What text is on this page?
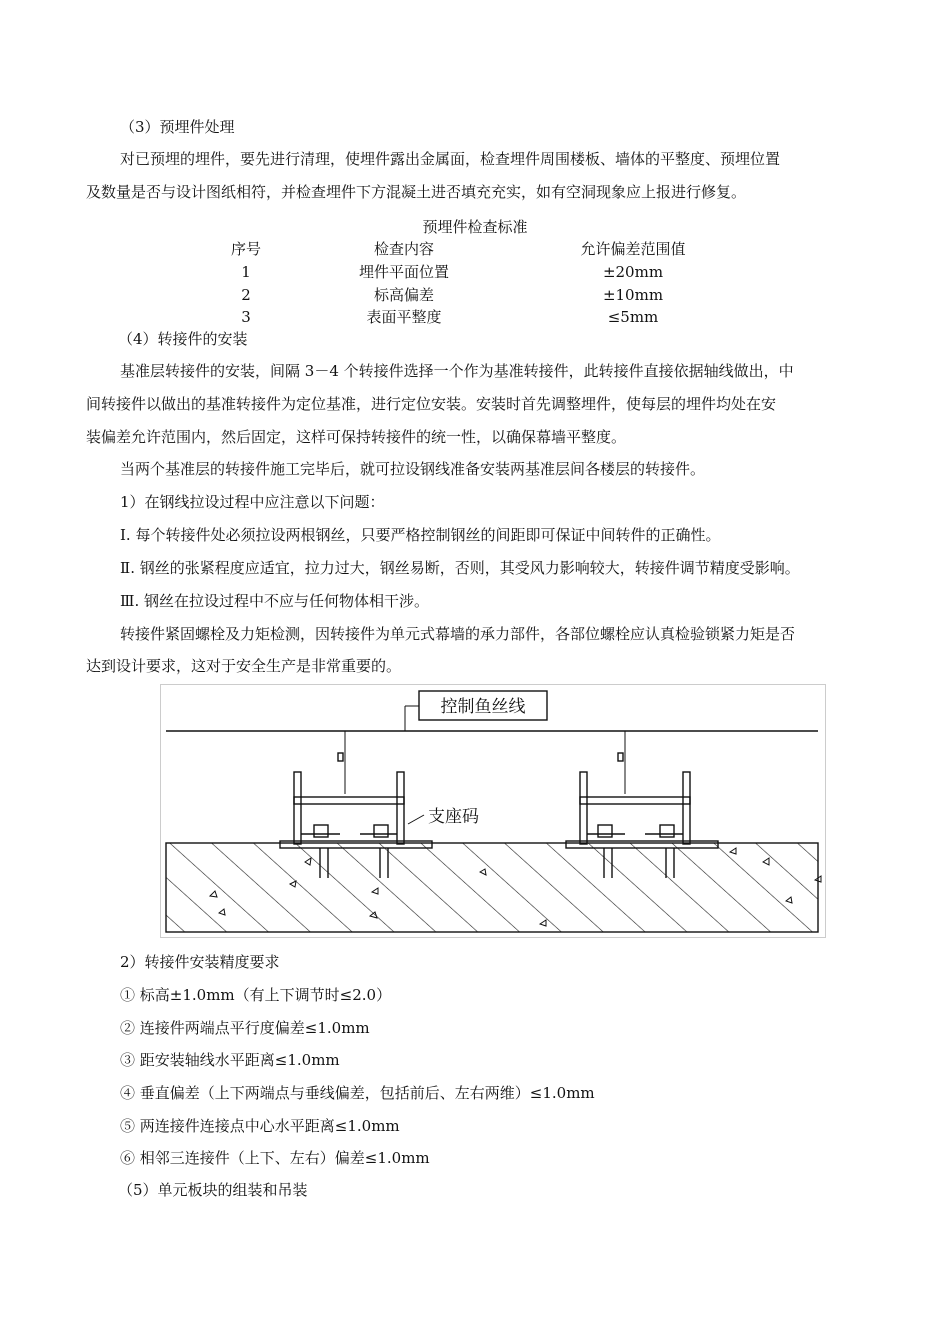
（3）预埋件处理
对已预埋的埋件，要先进行清理，使埋件露出金属面，检查埋件周围楼板、墙体的平整度、预埋位置
及数量是否与设计图纸相符，并检查埋件下方混凝土进否填充充实，如有空洞现象应上报进行修复。
预埋件检查标准
序号	检查内容	允许偏差范围值
1	埋件平面位置	±20mm
2	标高偏差	±10mm
3	表面平整度	≤5mm
（4）转接件的安装
基准层转接件的安装，间隔 3－4 个转接件选择一个作为基准转接件，此转接件直接依据轴线做出，中
间转接件以做出的基准转接件为定位基准，进行定位安装。安装时首先调整埋件，使每层的埋件均处在安
装偏差允许范围内，然后固定，这样可保持转接件的统一性，以确保幕墙平整度。
当两个基准层的转接件施工完毕后，就可拉设钢线准备安装两基准层间各楼层的转接件。
1）在钢线拉设过程中应注意以下问题：
Ⅰ. 每个转接件处必须拉设两根钢丝，只要严格控制钢丝的间距即可保证中间转件的正确性。
Ⅱ. 钢丝的张紧程度应适宜，拉力过大，钢丝易断，否则，其受风力影响较大，转接件调节精度受影响。
Ⅲ. 钢丝在拉设过程中不应与任何物体相干涉。
转接件紧固螺栓及力矩检测，因转接件为单元式幕墙的承力部件，各部位螺栓应认真检验锁紧力矩是否
达到设计要求，这对于安全生产是非常重要的。
控制鱼丝线
支座码
2）转接件安装精度要求
① 标高±1.0mm（有上下调节时≤2.0）
② 连接件两端点平行度偏差≤1.0mm
③ 距安装轴线水平距离≤1.0mm
④ 垂直偏差（上下两端点与垂线偏差，包括前后、左右两维）≤1.0mm
⑤ 两连接件连接点中心水平距离≤1.0mm
⑥ 相邻三连接件（上下、左右）偏差≤1.0mm
（5）单元板块的组装和吊装
